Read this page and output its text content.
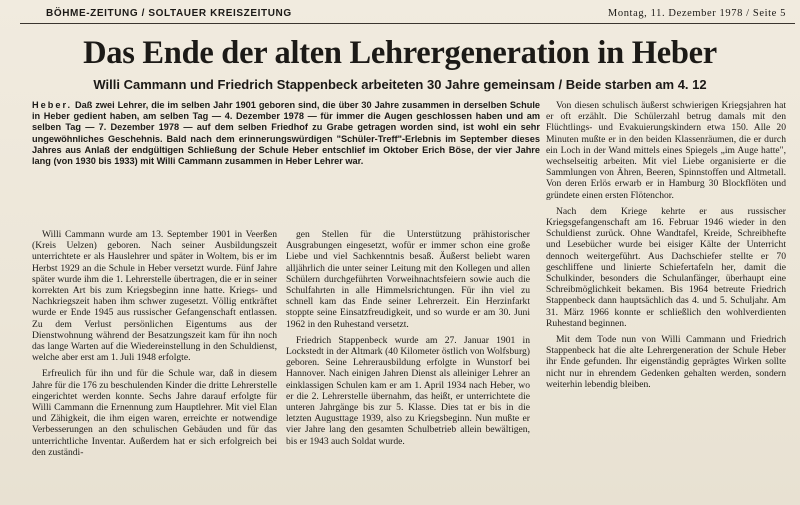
BÖHME-ZEITUNG / SOLTAUER KREISZEITUNG	Montag, 11. Dezember 1978 / Seite 5
Das Ende der alten Lehrergeneration in Heber
Willi Cammann und Friedrich Stappenbeck arbeiteten 30 Jahre gemeinsam / Beide starben am 4. 12
Heber. Daß zwei Lehrer, die im selben Jahr 1901 geboren sind, die über 30 Jahre zusammen in derselben Schule in Heber gedient haben, am selben Tag — 4. Dezember 1978 — für immer die Augen geschlossen haben und am selben Tag — 7. Dezember 1978 — auf dem selben Friedhof zu Grabe getragen worden sind, ist wohl ein sehr ungewöhnliches Geschehnis. Bald nach dem erinnerungswürdigen "Schüler-Treff"-Erlebnis im September dieses Jahres aus Anlaß der endgültigen Schließung der Schule Heber entschlief im Oktober Erich Böse, der vier Jahre lang (von 1930 bis 1933) mit Willi Cammann zusammen in Heber Lehrer war.

Willi Cammann wurde am 13. September 1901 in Veerßen (Kreis Uelzen) geboren. Nach seiner Ausbildungszeit unterrichtete er als Hauslehrer und später in Woltem, bis er im Herbst 1929 an die Schule in Heber versetzt wurde. Fünf Jahre später wurde ihm die 1. Lehrerstelle übertragen, die er in seiner korrekten Art bis zum Kriegsbeginn inne hatte. Kriegs- und Nachkriegszeit haben ihm schwer zugesetzt. Völlig entkräftet wurde er Ende 1945 aus russischer Gefangenschaft entlassen. Zu dem Verlust persönlichen Eigentums aus der Dienstwohnung während der Besatzungszeit kam für ihn noch das lange Warten auf die Wiedereinstellung in den Schuldienst, welche aber erst am 1. Juli 1948 erfolgte.

Erfreulich für ihn und für die Schule war, daß in diesem Jahre für die 176 zu beschulenden Kinder die dritte Lehrerstelle eingerichtet werden konnte. Sechs Jahre darauf erfolgte für Willi Cammann die Ernennung zum Hauptlehrer. Mit viel Elan und Zähigkeit, die ihm eigen waren, erreichte er notwendige Verbesserungen an den schulischen Gebäuden und für das unterrichtliche Inventar. Außerdem hat er sich erfolgreich bei den zuständi-

gen Stellen für die Unterstützung prähistorischer Ausgrabungen eingesetzt, wofür er immer schon eine große Liebe und viel Sachkenntnis besaß. Äußerst beliebt waren alljährlich die unter seiner Leitung mit den Kollegen und allen Schülern durchgeführten Vorweihnachtsfeiern sowie auch die Schulfahrten in alle Himmelsrichtungen. Für ihn viel zu schnell kam das Ende seiner Lehrerzeit. Ein Herzinfarkt stoppte seine Einsatzfreudigkeit, und so wurde er am 30. Juni 1962 in den Ruhestand versetzt.

Friedrich Stappenbeck wurde am 27. Januar 1901 in Lockstedt in der Altmark (40 Kilometer östlich von Wolfsburg) geboren. Seine Lehrerausbildung erfolgte in Wunstorf bei Hannover. Nach einigen Jahren Dienst als alleiniger Lehrer an einklassigen Schulen kam er am 1. April 1934 nach Heber, wo er die 2. Lehrerstelle übernahm, das heißt, er unterrichtete die unteren Jahrgänge bis zur 5. Klasse. Dies tat er bis in die letzten Augusttage 1939, also zu Kriegsbeginn. Nun mußte er vier Jahre lang den gesamten Schulbetrieb allein bewältigen, bis er 1943 auch Soldat wurde.

Von diesen schulisch äußerst schwierigen Kriegsjahren hat er oft erzählt. Die Schülerzahl betrug damals mit den Flüchtlings- und Evakuierungskindern etwa 150. Alle 20 Minuten mußte er in den beiden Klassenräumen, die er durch ein Loch in der Wand mittels eines Spiegels „im Auge hatte", wechselseitig arbeiten. Mit viel Liebe organisierte er die Sammlungen von Ähren, Beeren, Spinnstoffen und Altmetall. Von deren Erlös erwarb er in Hamburg 30 Blockflöten und gründete einen ersten Flötenchor.

Nach dem Kriege kehrte er aus russischer Kriegsgefangenschaft am 16. Februar 1946 wieder in den Schuldienst zurück. Ohne Wandtafel, Kreide, Schreibhefte und Lesebücher wurde bei eisiger Kälte der Unterricht dennoch weitergeführt. Aus Dachschiefer stellte er 70 geschliffene und linierte Schiefertafeln her, damit die Schulkinder, besonders die Schulanfänger, überhaupt eine Schreibmöglichkeit bekamen. Bis 1964 betreute Friedrich Stappenbeck dann hauptsächlich das 4. und 5. Schuljahr. Am 31. März 1966 konnte er schließlich den wohlverdienten Ruhestand beginnen.

Mit dem Tode nun von Willi Cammann und Friedrich Stappenbeck hat die alte Lehrergeneration der Schule Heber ihr Ende gefunden. Ihr eigenständig geprägtes Wirken sollte nicht nur in ehrendem Gedenken gehalten werden, sondern weiterhin lebendig bleiben.
